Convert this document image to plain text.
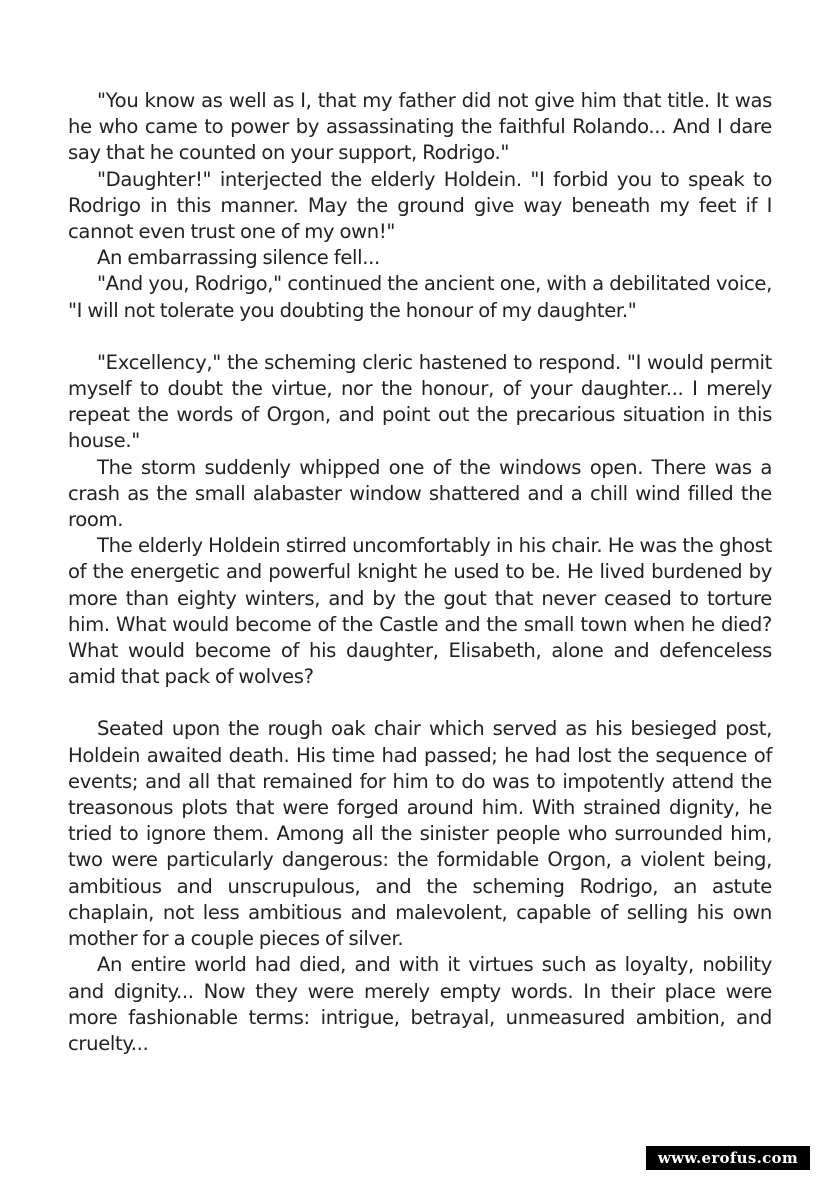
"You know as well as I, that my father did not give him that title. It was he who came to power by assassinating the faithful Rolando... And I dare say that he counted on your support, Rodrigo."

"Daughter!" interjected the elderly Holdein. "I forbid you to speak to Rodrigo in this manner. May the ground give way beneath my feet if I cannot even trust one of my own!"

An embarrassing silence fell...

"And you, Rodrigo," continued the ancient one, with a debilitated voice, "I will not tolerate you doubting the honour of my daughter."

"Excellency," the scheming cleric hastened to respond. "I would permit myself to doubt the virtue, nor the honour, of your daughter... I merely repeat the words of Orgon, and point out the precarious situation in this house."

The storm suddenly whipped one of the windows open. There was a crash as the small alabaster window shattered and a chill wind filled the room.

The elderly Holdein stirred uncomfortably in his chair. He was the ghost of the energetic and powerful knight he used to be. He lived burdened by more than eighty winters, and by the gout that never ceased to torture him. What would become of the Castle and the small town when he died? What would become of his daughter, Elisabeth, alone and defenceless amid that pack of wolves?

Seated upon the rough oak chair which served as his besieged post, Holdein awaited death. His time had passed; he had lost the sequence of events; and all that remained for him to do was to impotently attend the treasonous plots that were forged around him. With strained dignity, he tried to ignore them. Among all the sinister people who surrounded him, two were particularly dangerous: the formidable Orgon, a violent being, ambitious and unscrupulous, and the scheming Rodrigo, an astute chaplain, not less ambitious and malevolent, capable of selling his own mother for a couple pieces of silver.

An entire world had died, and with it virtues such as loyalty, nobility and dignity... Now they were merely empty words. In their place were more fashionable terms: intrigue, betrayal, unmeasured ambition, and cruelty...

www.erofus.com
